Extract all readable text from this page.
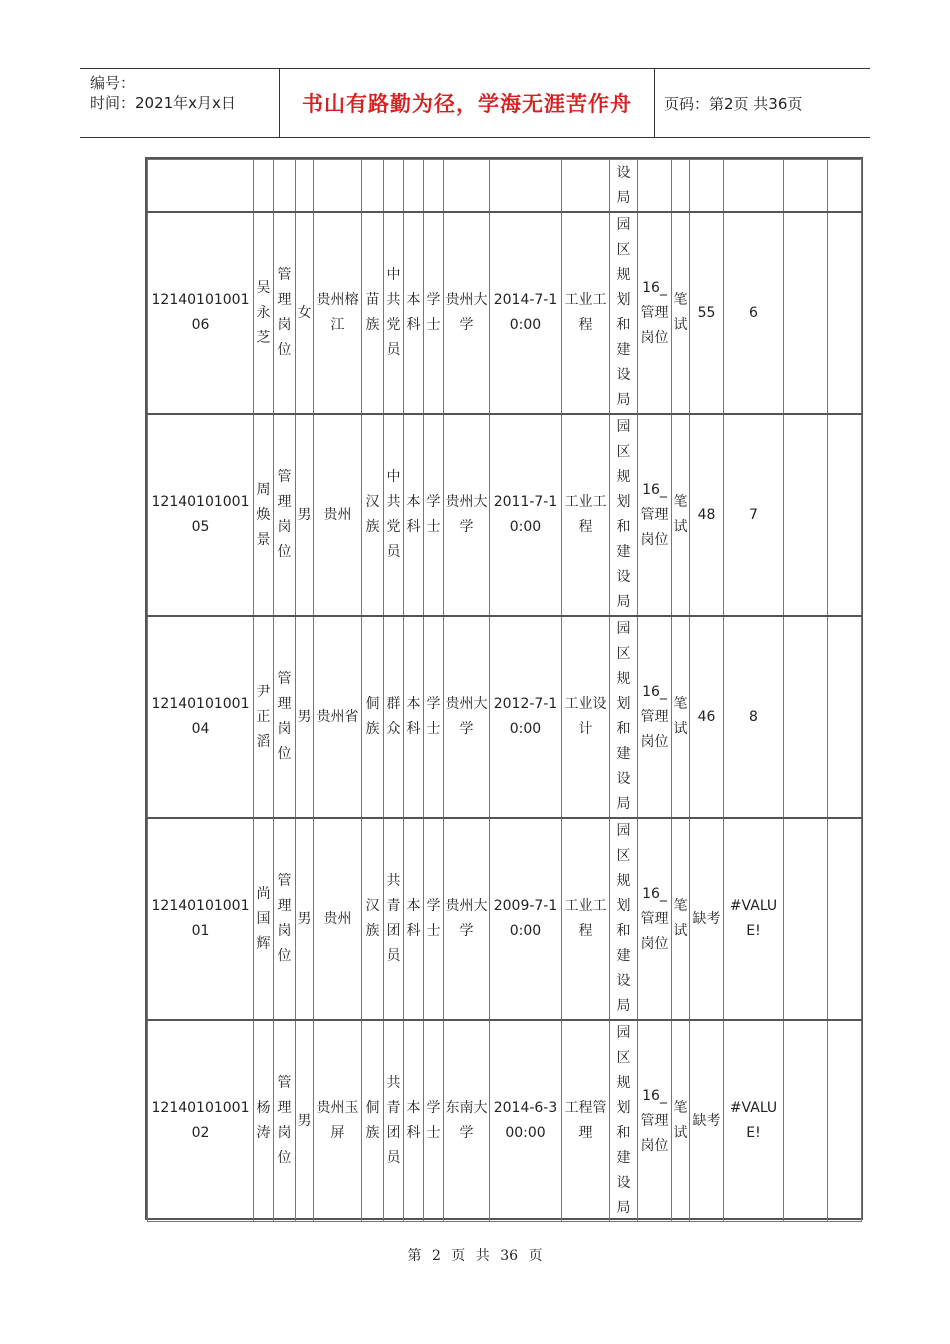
编号：
时间：2021年x月x日	书山有路勤为径，学海无涯苦作舟 页码：第2页 共36页
												设局						
1214010100106	吴永芝	管理岗位	女	贵州榕江	苗族	中共党员	本科	学士	贵州大学	2014-7-10:00	工业工程	园区规划和建设局	16_管理岗位	笔试	55	6		
1214010100105	周焕景	管理岗位	男	贵州	汉族	中共党员	本科	学士	贵州大学	2011-7-10:00	工业工程	园区规划和建设局	16_管理岗位	笔试	48	7		
1214010100104	尹正滔	管理岗位	男	贵州省	侗族	群众	本科	学士	贵州大学	2012-7-10:00	工业设计	园区规划和建设局	16_管理岗位	笔试	46	8		
1214010100101	尚国辉	管理岗位	男	贵州	汉族	共青团员	本科	学士	贵州大学	2009-7-10:00	工业工程	园区规划和建设局	16_管理岗位	笔试	缺考	#VALUE!		
1214010100102	杨涛	管理岗位	男	贵州玉屏	侗族	共青团员	本科	学士	东南大学	2014-6-300:00	工程管理	园区规划和建设局	16_管理岗位	笔试	缺考	#VALUE!		
第 2 页 共 36 页
